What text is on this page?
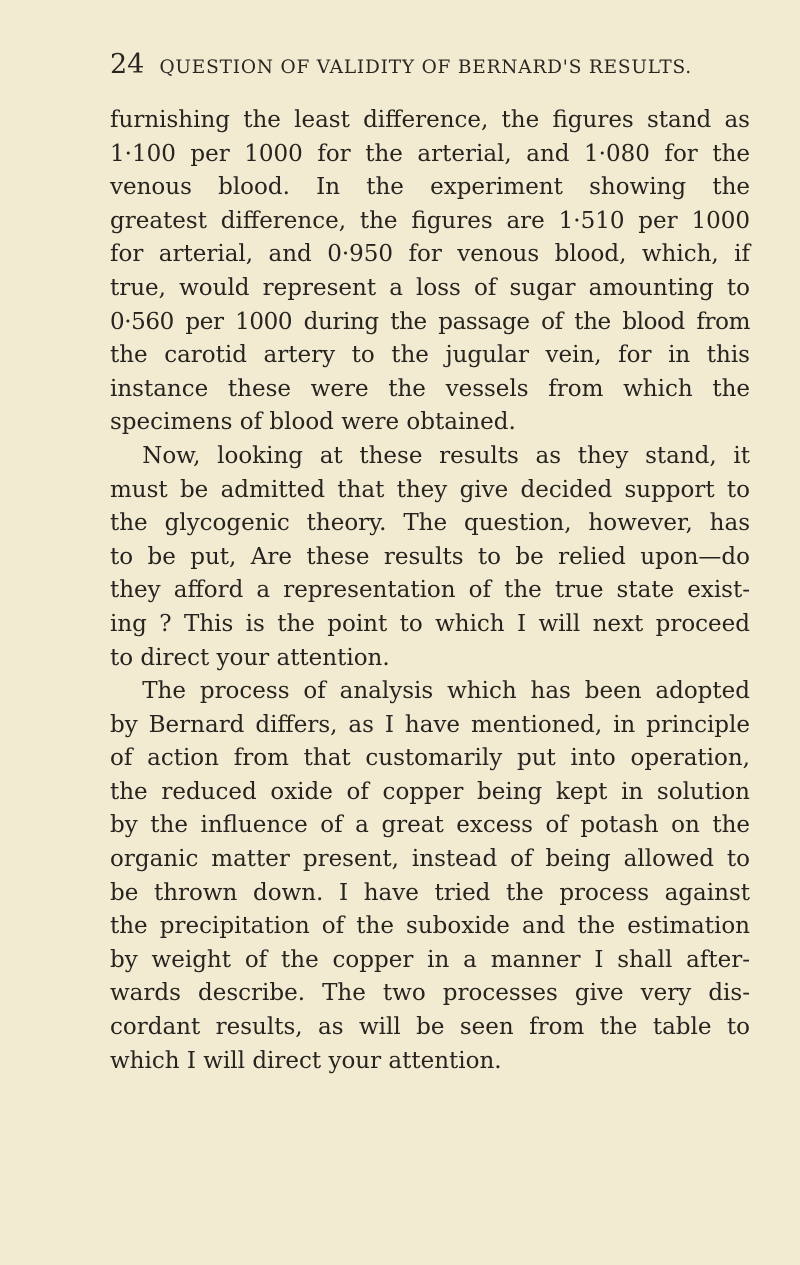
24 QUESTION OF VALIDITY OF BERNARD'S RESULTS.
furnishing the least difference, the figures stand as
1·100 per 1000 for the arterial, and 1·080 for the
venous blood. In the experiment showing the
greatest difference, the figures are 1·510 per 1000
for arterial, and 0·950 for venous blood, which, if
true, would represent a loss of sugar amounting to
0·560 per 1000 during the passage of the blood from
the carotid artery to the jugular vein, for in this
instance these were the vessels from which the
specimens of blood were obtained.
Now, looking at these results as they stand, it
must be admitted that they give decided support to
the glycogenic theory. The question, however, has
to be put, Are these results to be relied upon—do
they afford a representation of the true state exist-
ing ? This is the point to which I will next proceed
to direct your attention.
The process of analysis which has been adopted
by Bernard differs, as I have mentioned, in principle
of action from that customarily put into operation,
the reduced oxide of copper being kept in solution
by the influence of a great excess of potash on the
organic matter present, instead of being allowed to
be thrown down. I have tried the process against
the precipitation of the suboxide and the estimation
by weight of the copper in a manner I shall after-
wards describe. The two processes give very dis-
cordant results, as will be seen from the table to
which I will direct your attention.
